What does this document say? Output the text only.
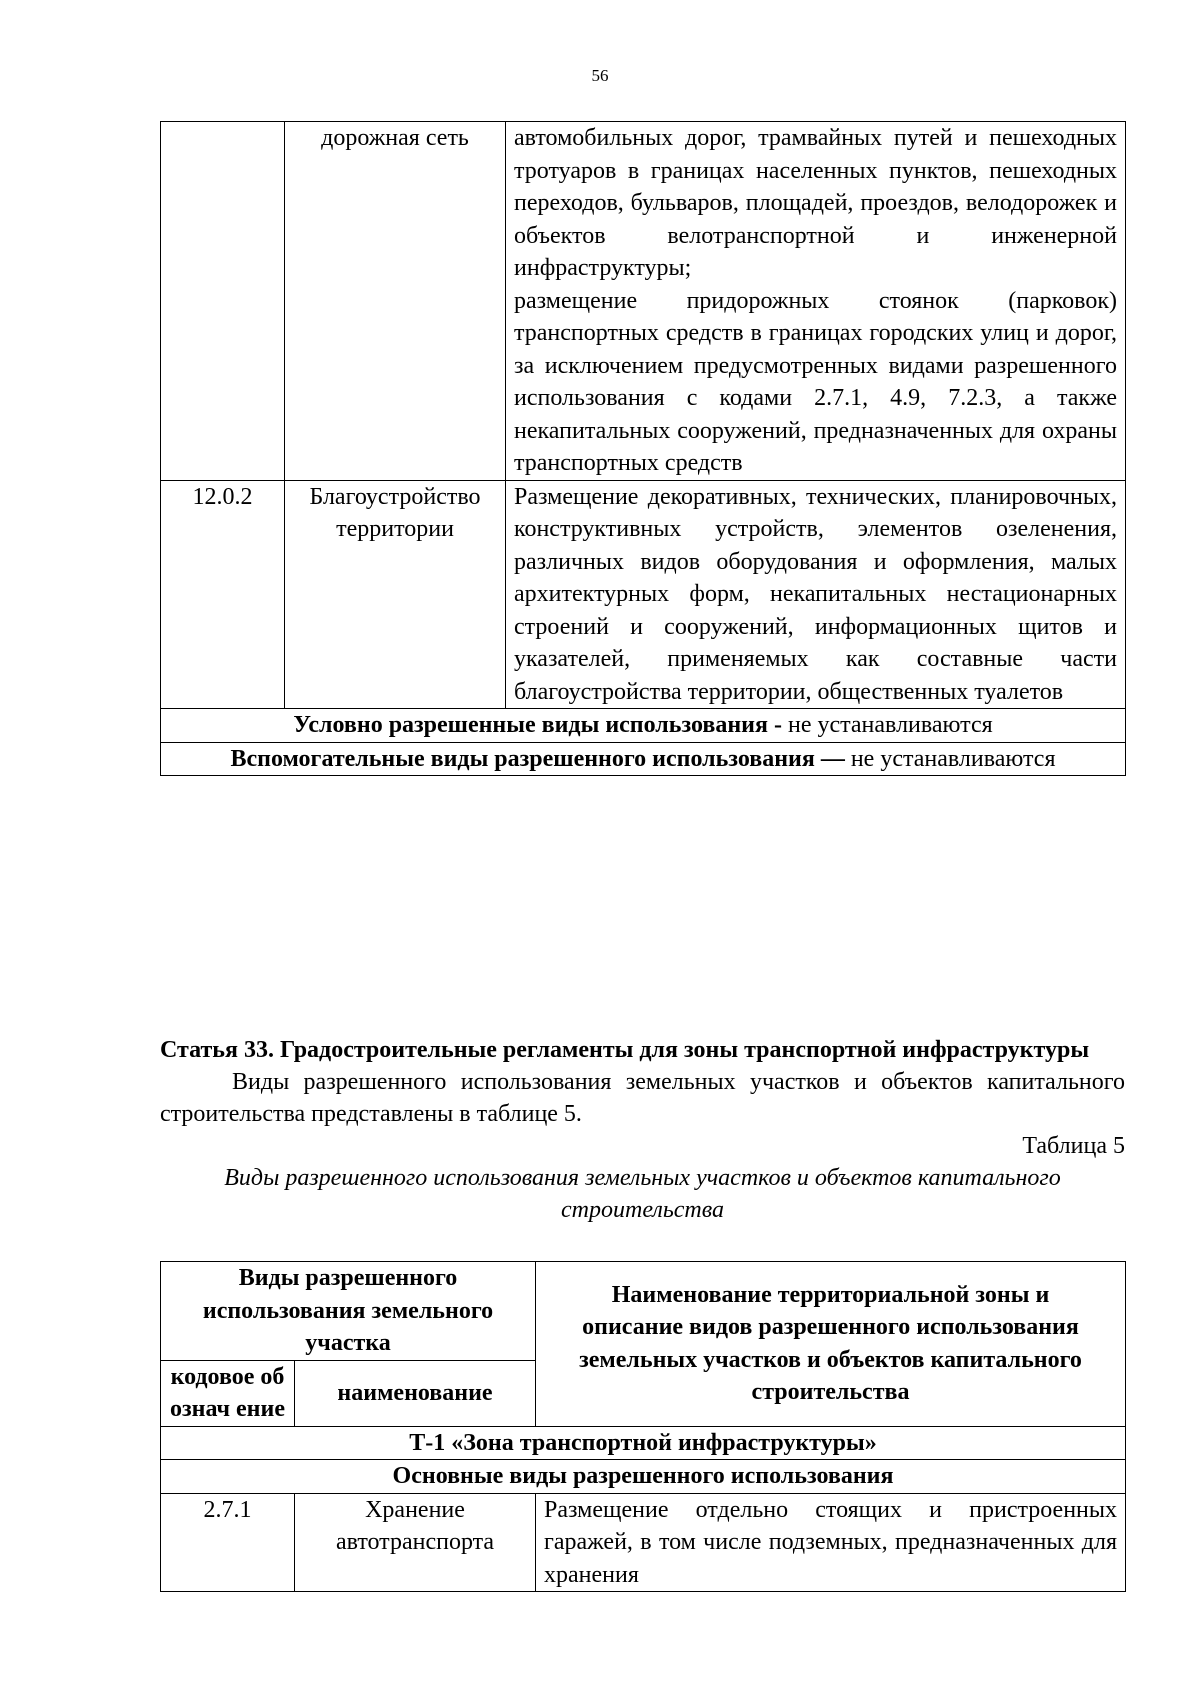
56
	дорожная сеть	автомобильных дорог, трамвайных путей и пешеходных тротуаров в границах населенных пунктов, пешеходных переходов, бульваров, площадей, проездов, велодорожек и объектов велотранспортной и инженерной инфраструктуры;
размещение придорожных стоянок (парковок) транспортных средств в границах городских улиц и дорог, за исключением предусмотренных видами разрешенного использования с кодами 2.7.1, 4.9, 7.2.3, а также некапитальных сооружений, предназначенных для охраны транспортных средств

12.0.2	Благоустройство территории	Размещение декоративных, технических, планировочных, конструктивных устройств, элементов озеленения, различных видов оборудования и оформления, малых архитектурных форм, некапитальных нестационарных строений и сооружений, информационных щитов и указателей, применяемых как составные части благоустройства территории, общественных туалетов

Условно разрешенные виды использования - не устанавливаются		
Вспомогательные виды разрешенного использования — не устанавливаются		
Статья 33. Градостроительные регламенты для зоны транспортной инфраструктуры
Виды разрешенного использования земельных участков и объектов капитального строительства представлены в таблице 5.
Таблица 5
Виды разрешенного использования земельных участков и объектов капитального строительства
Виды разрешенного использования земельного участка		Наименование территориальной зоны и описание видов разрешенного использования земельных участков и объектов капитального строительства
кодовое обознач ение	наименование	
Т-1 «Зона транспортной инфраструктуры»		
Основные виды разрешенного использования		
2.7.1	Хранение автотранспорта	Размещение отдельно стоящих и пристроенных гаражей, в том числе подземных, предназначенных для хранения
